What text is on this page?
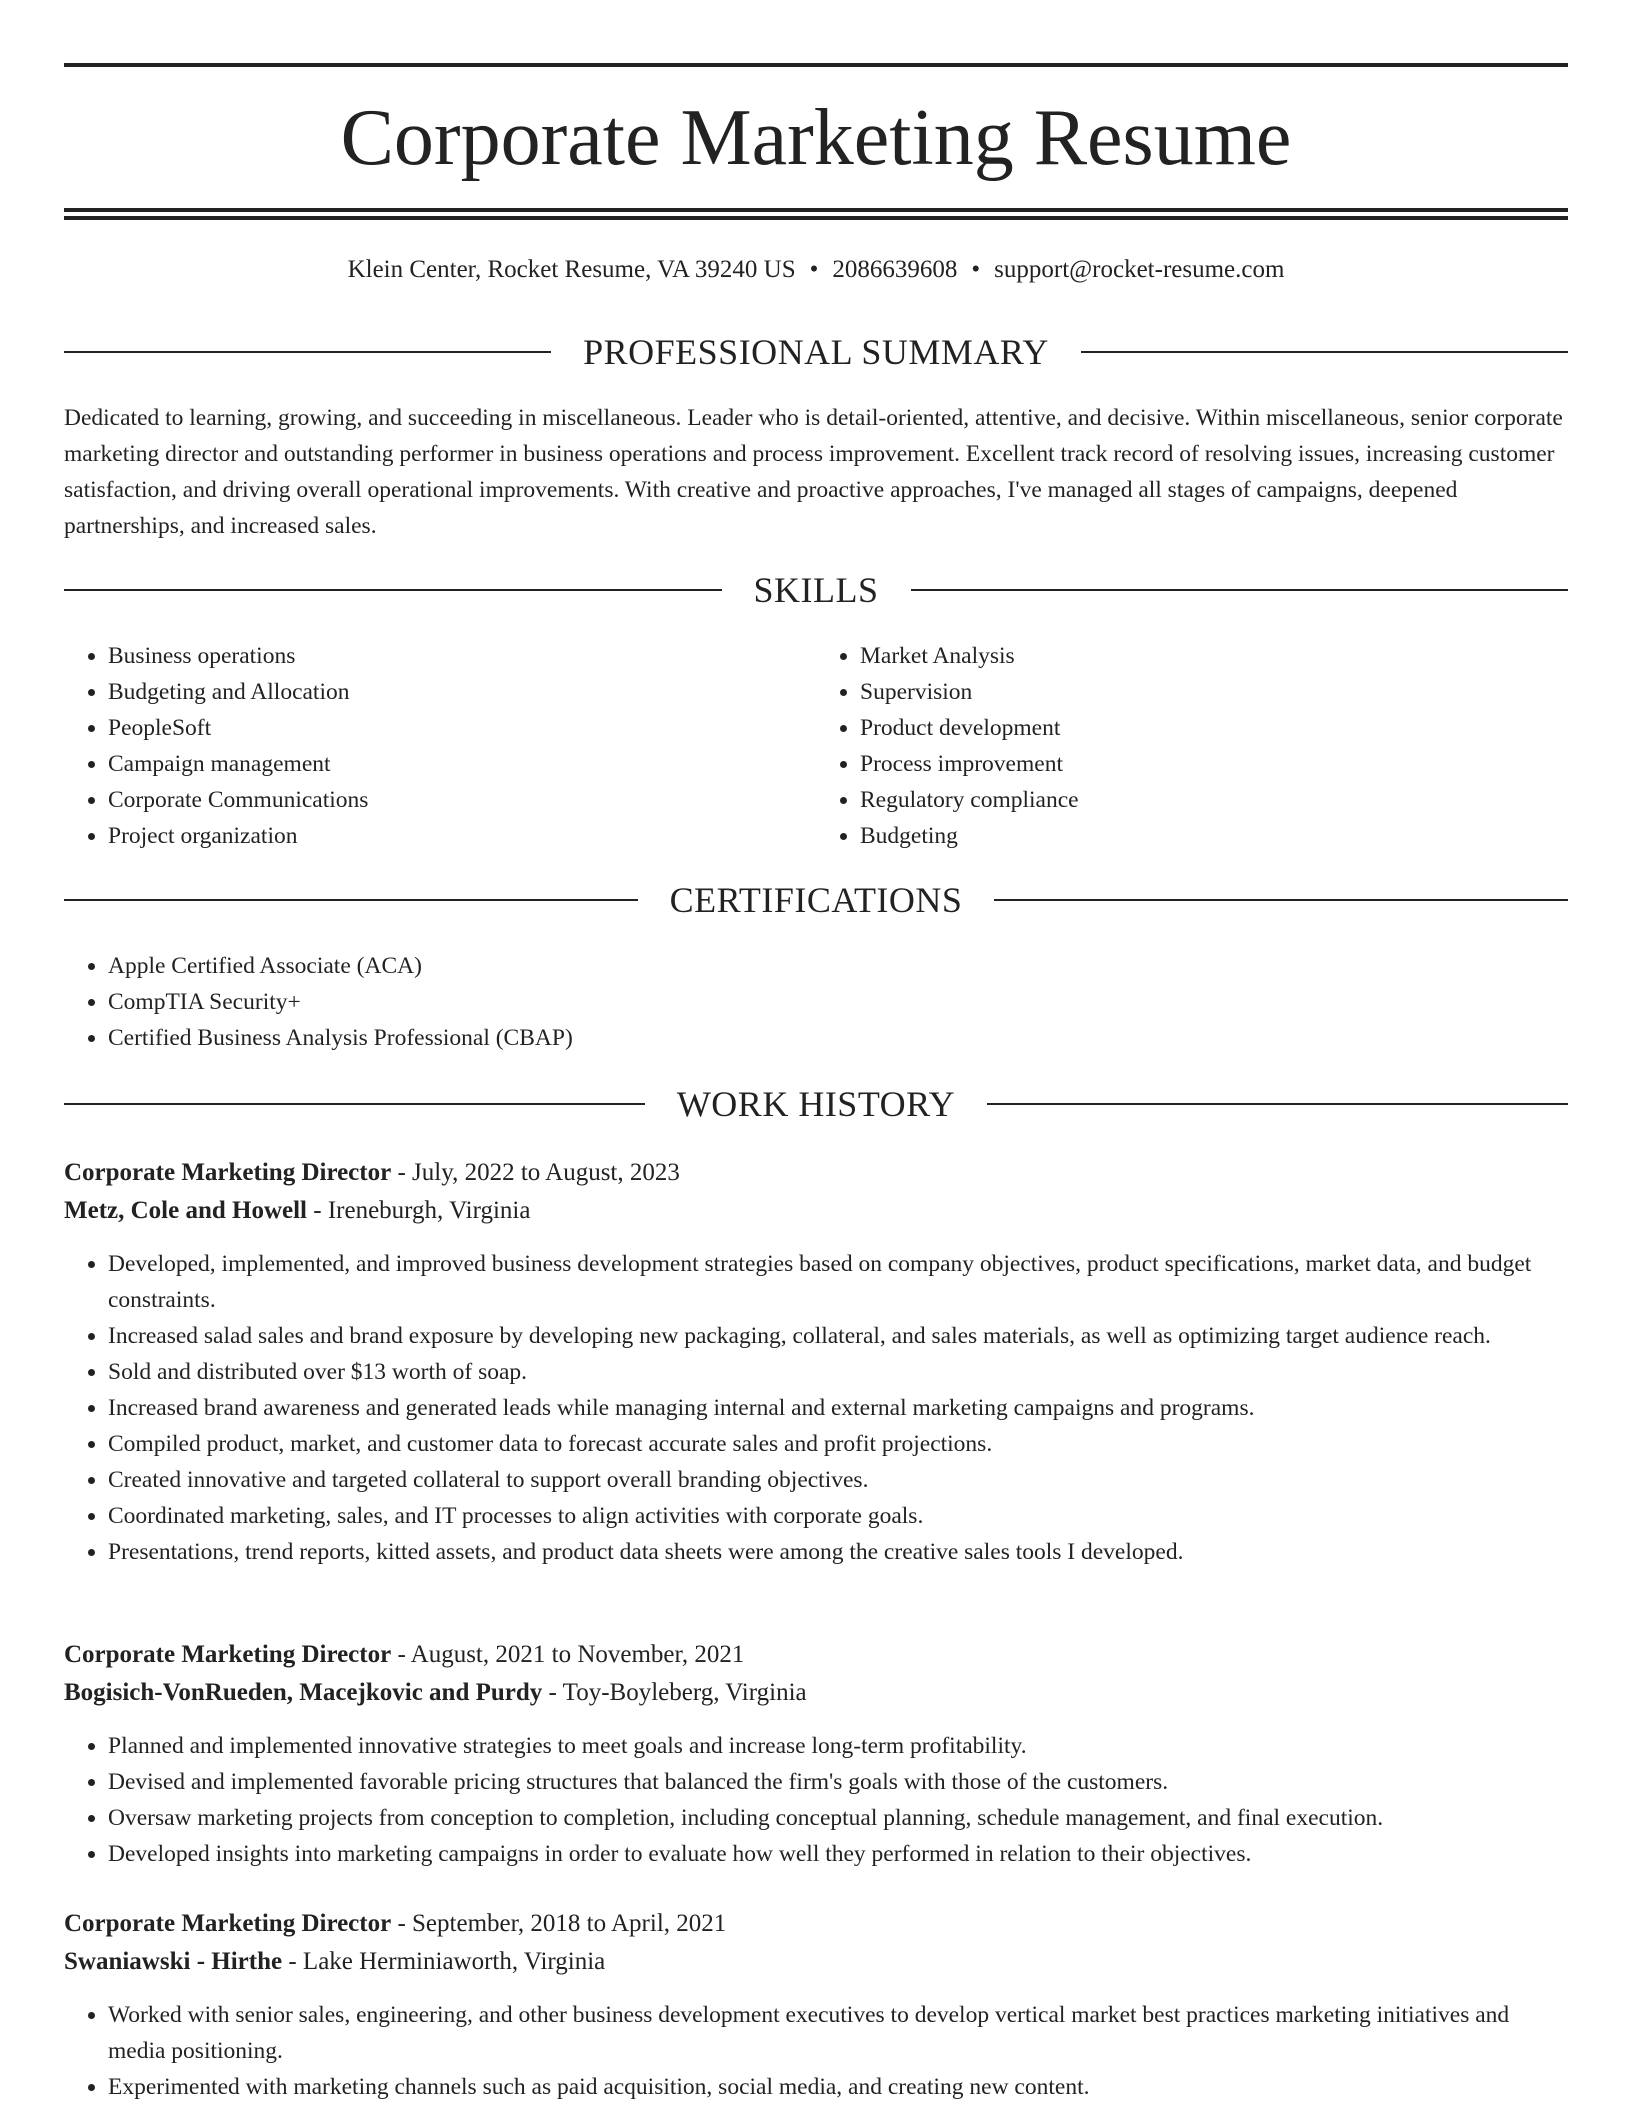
Corporate Marketing Resume
Klein Center, Rocket Resume, VA 39240 US • 2086639608 • support@rocket-resume.com
PROFESSIONAL SUMMARY

Dedicated to learning, growing, and succeeding in miscellaneous. Leader who is detail-oriented, attentive, and decisive. Within miscellaneous, senior corporate marketing director and outstanding performer in business operations and process improvement. Excellent track record of resolving issues, increasing customer satisfaction, and driving overall operational improvements. With creative and proactive approaches, I've managed all stages of campaigns, deepened partnerships, and increased sales.

SKILLS
• Business operations
• Budgeting and Allocation
• PeopleSoft
• Campaign management
• Corporate Communications
• Project organization
• Market Analysis
• Supervision
• Product development
• Process improvement
• Regulatory compliance
• Budgeting
CERTIFICATIONS
• Apple Certified Associate (ACA)
• CompTIA Security+
• Certified Business Analysis Professional (CBAP)
WORK HISTORY

Corporate Marketing Director - July, 2022 to August, 2023

Metz, Cole and Howell - Ireneburgh, Virginia

• Developed, implemented, and improved business development strategies based on company objectives, product specifications, market data, and budget constraints.
• Increased salad sales and brand exposure by developing new packaging, collateral, and sales materials, as well as optimizing target audience reach.
• Sold and distributed over $13 worth of soap.
• Increased brand awareness and generated leads while managing internal and external marketing campaigns and programs.
• Compiled product, market, and customer data to forecast accurate sales and profit projections.
• Created innovative and targeted collateral to support overall branding objectives.
• Coordinated marketing, sales, and IT processes to align activities with corporate goals.
• Presentations, trend reports, kitted assets, and product data sheets were among the creative sales tools I developed.

Corporate Marketing Director - August, 2021 to November, 2021

Bogisich-VonRueden, Macejkovic and Purdy - Toy-Boyleberg, Virginia

• Planned and implemented innovative strategies to meet goals and increase long-term profitability.
• Devised and implemented favorable pricing structures that balanced the firm's goals with those of the customers.
• Oversaw marketing projects from conception to completion, including conceptual planning, schedule management, and final execution.
• Developed insights into marketing campaigns in order to evaluate how well they performed in relation to their objectives.

Corporate Marketing Director - September, 2018 to April, 2021

Swaniawski - Hirthe - Lake Herminiaworth, Virginia

• Worked with senior sales, engineering, and other business development executives to develop vertical market best practices marketing initiatives and media positioning.
• Experimented with marketing channels such as paid acquisition, social media, and creating new content.
